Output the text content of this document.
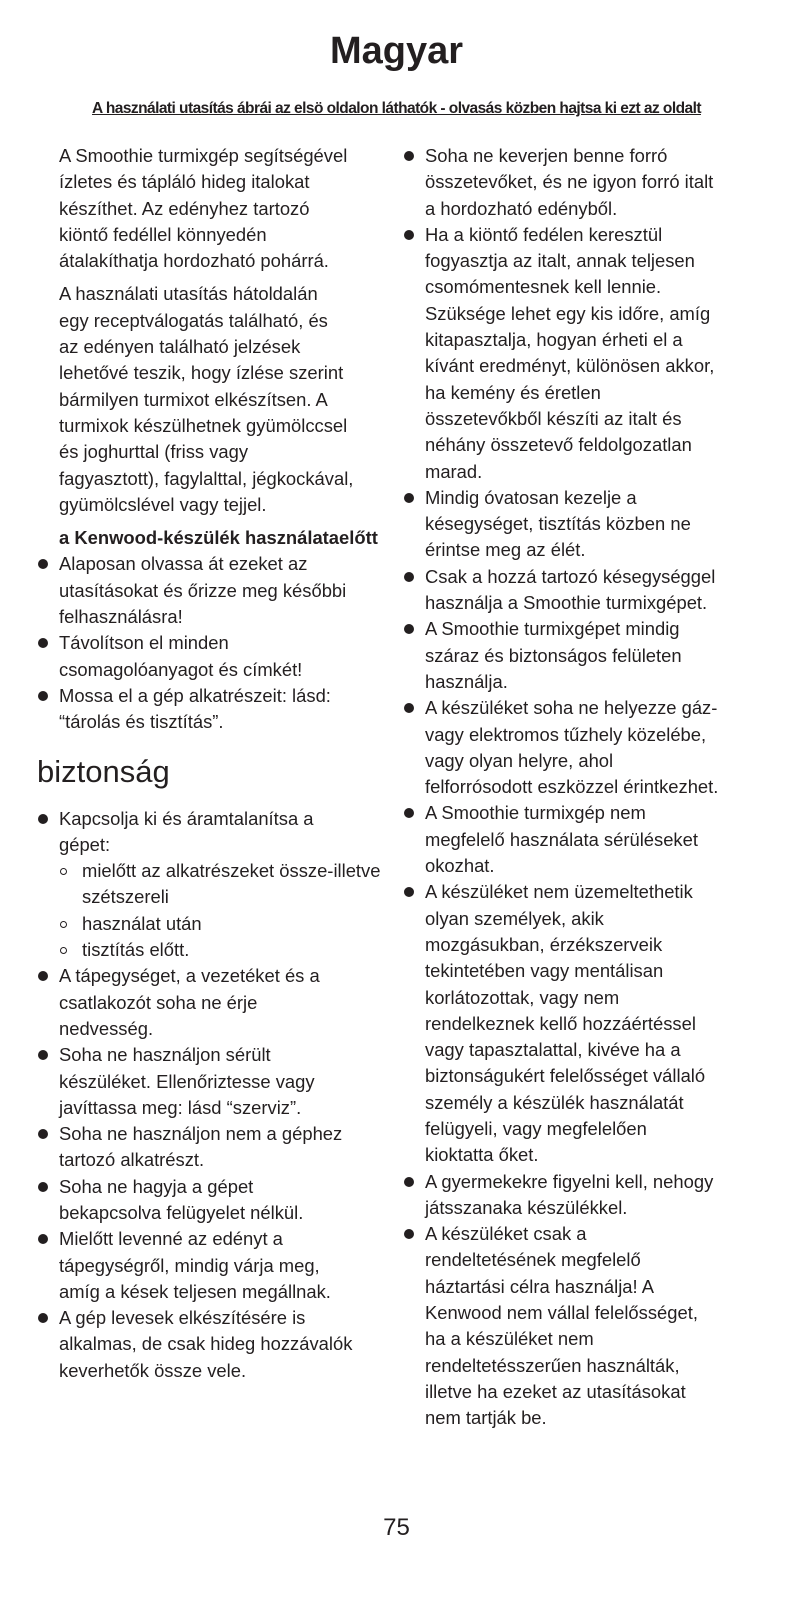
Magyar

A használati utasítás ábrái az elsö oldalon láthatók - olvasás közben hajtsa ki ezt az oldalt

A Smoothie turmixgép segítségével
ízletes és tápláló hideg italokat
készíthet. Az edényhez tartozó
kiöntő fedéllel könnyedén
átalakíthatja hordozható pohárrá.

A használati utasítás hátoldalán
egy receptválogatás található, és
az edényen található jelzések
lehetővé teszik, hogy ízlése szerint
bármilyen turmixot elkészítsen. A
turmixok készülhetnek gyümölccsel
és joghurttal (friss vagy
fagyasztott), fagylalttal, jégkockával,
gyümölcslével vagy tejjel.

a Kenwood-készülék használataelőtt
Alaposan olvassa át ezeket az
utasításokat és őrizze meg későbbi
felhasználásra!
Távolítson el minden
csomagolóanyagot és címkét!
Mossa el a gép alkatrészeit: lásd:
“tárolás és tisztítás”.
biztonság
Kapcsolja ki és áramtalanítsa a
gépet:
mielőtt az alkatrészeket össze-illetve szétszereli
használat után
tisztítás előtt.
A tápegységet, a vezetéket és a
csatlakozót soha ne érje
nedvesség.
Soha ne használjon sérült
készüléket. Ellenőriztesse vagy
javíttassa meg: lásd “szerviz”.
Soha ne használjon nem a géphez
tartozó alkatrészt.
Soha ne hagyja a gépet
bekapcsolva felügyelet nélkül.
Mielőtt levenné az edényt a
tápegységről, mindig várja meg,
amíg a kések teljesen megállnak.
A gép levesek elkészítésére is
alkalmas, de csak hideg hozzávalók
keverhetők össze vele.
Soha ne keverjen benne forró
összetevőket, és ne igyon forró italt
a hordozható edényből.
Ha a kiöntő fedélen keresztül
fogyasztja az italt, annak teljesen
csomómentesnek kell lennie.
Szüksége lehet egy kis időre, amíg
kitapasztalja, hogyan érheti el a
kívánt eredményt, különösen akkor,
ha kemény és éretlen
összetevőkből készíti az italt és
néhány összetevő feldolgozatlan
marad.
Mindig óvatosan kezelje a
késegységet, tisztítás közben ne
érintse meg az élét.
Csak a hozzá tartozó késegységgel
használja a Smoothie turmixgépet.
A Smoothie turmixgépet mindig
száraz és biztonságos felületen
használja.
A készüléket soha ne helyezze gáz-
vagy elektromos tűzhely közelébe,
vagy olyan helyre, ahol
felforrósodott eszközzel érintkezhet.
A Smoothie turmixgép nem
megfelelő használata sérüléseket
okozhat.
A készüléket nem üzemeltethetik
olyan személyek, akik
mozgásukban, érzékszerveik
tekintetében vagy mentálisan
korlátozottak, vagy nem
rendelkeznek kellő hozzáértéssel
vagy tapasztalattal, kivéve ha a
biztonságukért felelősséget vállaló
személy a készülék használatát
felügyeli, vagy megfelelően
kioktatta őket.
A gyermekekre figyelni kell, nehogy
játsszanaka készülékkel.
A készüléket csak a
rendeltetésének megfelelő
háztartási célra használja! A
Kenwood nem vállal felelősséget,
ha a készüléket nem
rendeltetésszerűen használták,
illetve ha ezeket az utasításokat
nem tartják be.
75
